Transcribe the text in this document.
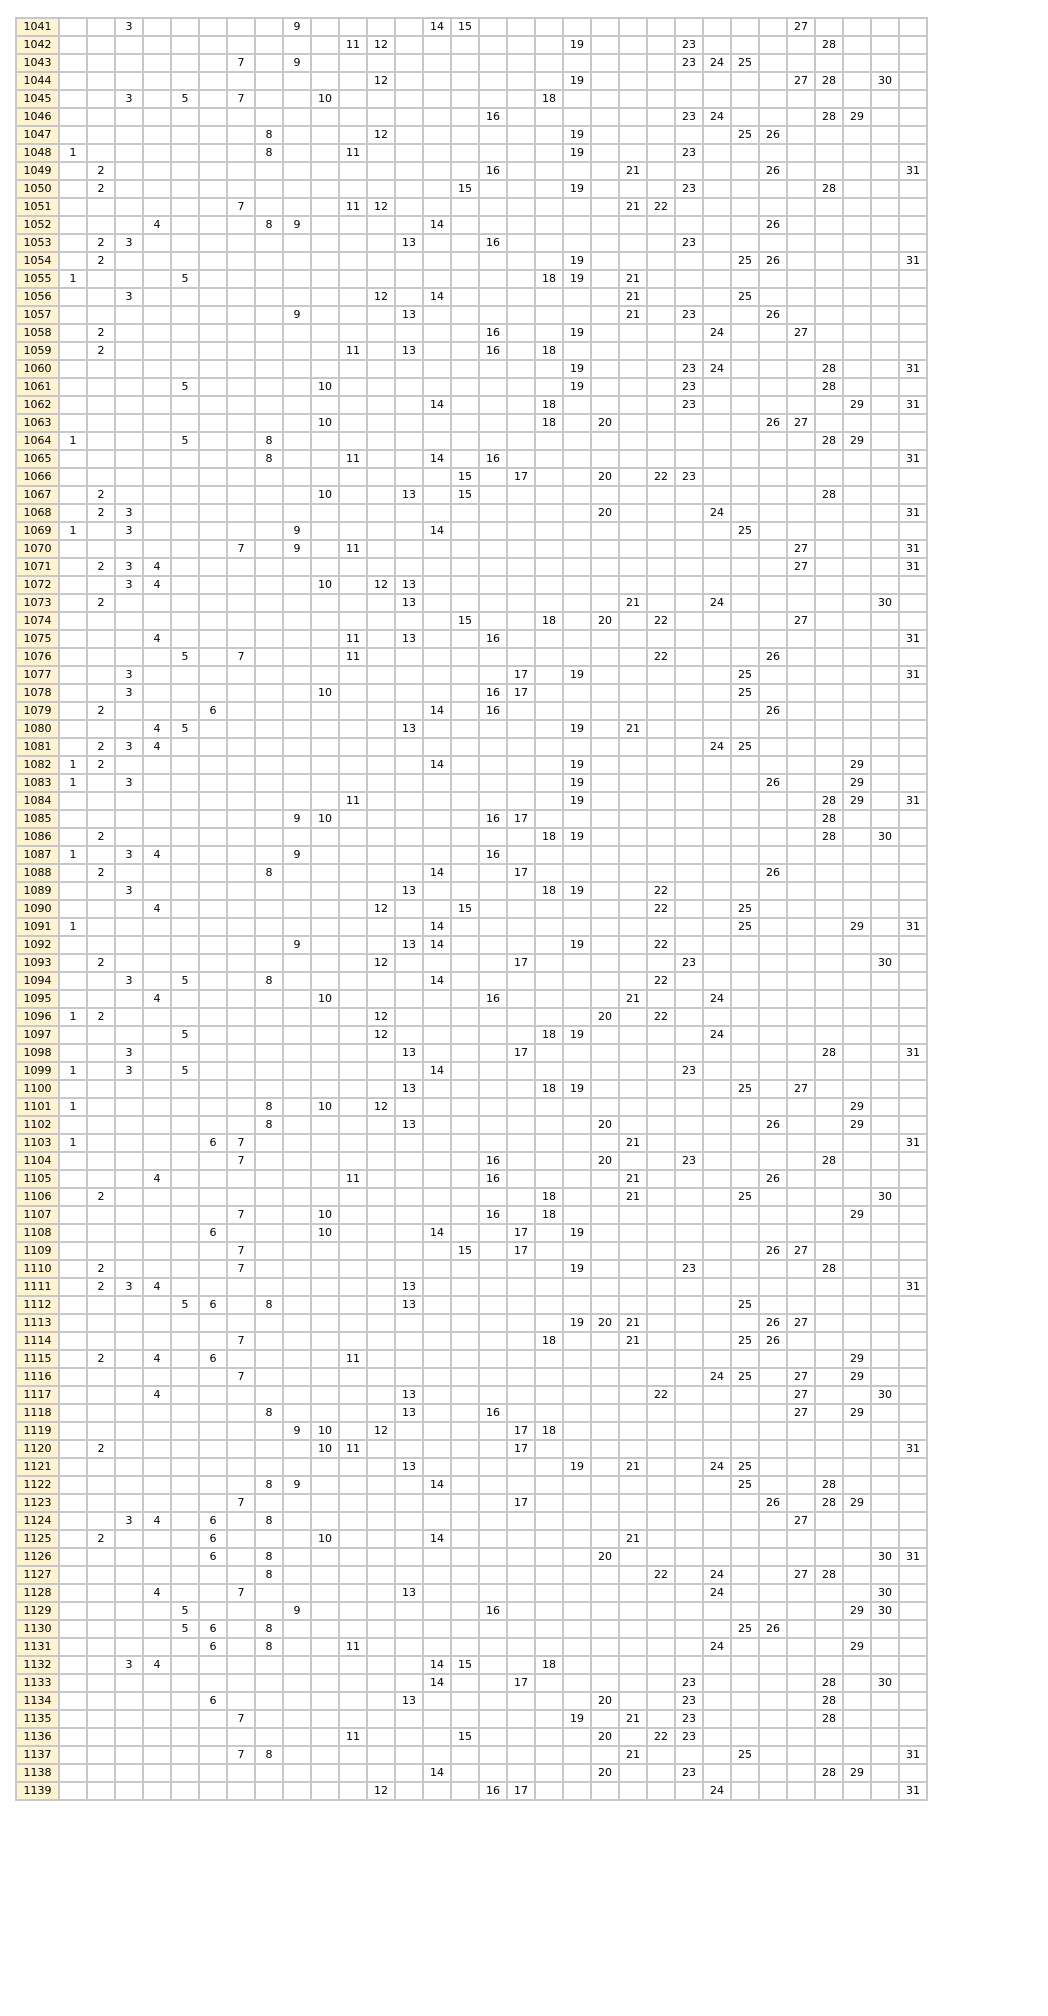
1041			3						9					14	15												27				
1042											11	12							19				23					28			
1043							7		9														23	24	25						
1044												12							19								27	28		30	
1045			3		5		7			10								18													
1046																16							23	24				28	29		
1047								8				12							19						25	26					
1048	1							8			11								19				23								
1049		2														16					21					26					31
1050		2													15				19				23					28			
1051							7				11	12									21	22									
1052				4				8	9					14												26					
1053		2	3										13			16							23								
1054		2																	19						25	26					31
1055	1				5													18	19		21										
1056			3									12		14							21				25						
1057									9				13								21		23			26					
1058		2														16			19					24			27				
1059		2									11		13			16		18													
1060																			19				23	24				28			31
1061					5					10									19				23					28			
1062														14				18					23						29		31
1063										10								18		20						26	27				
1064	1				5			8																				28	29		
1065								8			11			14		16															31
1066															15		17			20		22	23								
1067		2								10			13		15													28			
1068		2	3																	20				24							31
1069	1		3						9					14											25						
1070							7		9		11																27				31
1071		2	3	4																							27				31
1072			3	4						10		12	13																		
1073		2											13								21			24						30	
1074															15			18		20		22					27				
1075				4							11		13			16															31
1076					5		7				11											22				26					
1077			3														17		19						25						31
1078			3							10						16	17								25						
1079		2				6								14		16										26					
1080				4	5								13						19		21										
1081		2	3	4																				24	25						
1082	1	2												14					19										29		
1083	1		3																19							26			29		
1084											11								19									28	29		31
1085									9	10						16	17											28			
1086		2																18	19									28		30	
1087	1		3	4					9							16															
1088		2						8						14			17									26					
1089			3										13					18	19			22									
1090				4								12			15							22			25						
1091	1													14											25				29		31
1092									9				13	14					19			22									
1093		2										12					17						23							30	
1094			3		5			8						14								22									
1095				4						10						16					21			24							
1096	1	2										12								20		22									
1097					5							12						18	19					24							
1098			3										13				17											28			31
1099	1		3		5									14									23								
1100													13					18	19						25		27				
1101	1							8		10		12																	29		
1102								8					13							20						26			29		
1103	1					6	7														21										31
1104							7									16				20			23					28			
1105				4							11					16					21					26					
1106		2																18			21				25					30	
1107							7			10						16		18											29		
1108						6				10				14			17		19												
1109							7								15		17									26	27				
1110		2					7												19				23					28			
1111		2	3	4									13																		31
1112					5	6		8					13												25						
1113																			19	20	21					26	27				
1114							7											18			21				25	26					
1115		2		4		6					11																		29		
1116							7																	24	25		27		29		
1117				4									13									22					27			30	
1118								8					13			16											27		29		
1119									9	10		12					17	18													
1120		2								10	11						17														31
1121													13						19		21			24	25						
1122								8	9					14											25			28			
1123							7										17									26		28	29		
1124			3	4		6		8																			27				
1125		2				6				10				14							21										
1126						6		8												20										30	31
1127								8														22		24			27	28			
1128				4			7						13											24						30	
1129					5				9							16													29	30	
1130					5	6		8																	25	26					
1131						6		8			11													24					29		
1132			3	4										14	15			18													
1133														14			17						23					28		30	
1134						6							13							20			23					28			
1135							7												19		21		23					28			
1136											11				15					20		22	23								
1137							7	8													21				25						31
1138														14						20			23					28	29		
1139												12				16	17							24							31
